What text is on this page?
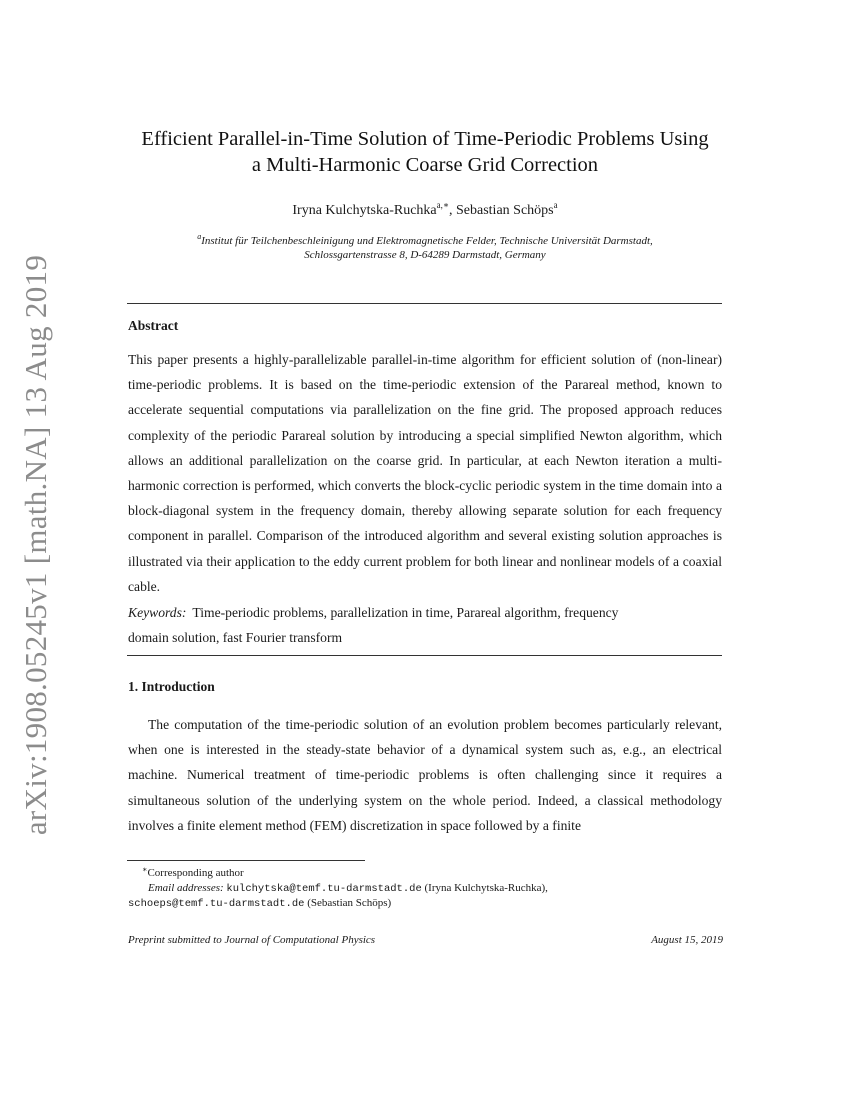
arXiv:1908.05245v1 [math.NA] 13 Aug 2019
Efficient Parallel-in-Time Solution of Time-Periodic Problems Using
a Multi-Harmonic Coarse Grid Correction
Iryna Kulchytska-Ruchka$^{a,∗}$, Sebastian Schöps$^a$
$^a$Institut für Teilchenbeschleinigung und Elektromagnetische Felder, Technische Universität Darmstadt,
Schlossgartenstrasse 8, D-64289 Darmstadt, Germany
Abstract

This paper presents a highly-parallelizable parallel-in-time algorithm for efficient solution of (non-linear) time-periodic problems. It is based on the time-periodic extension of the Parareal method, known to accelerate sequential computations via parallelization on the fine grid. The proposed approach reduces complexity of the periodic Parareal solution by introducing a special simplified Newton algorithm, which allows an additional parallelization on the coarse grid. In particular, at each Newton iteration a multi-harmonic correction is performed, which converts the block-cyclic periodic system in the time domain into a block-diagonal system in the frequency domain, thereby allowing separate solution for each frequency component in parallel. Comparison of the introduced algorithm and several existing solution approaches is illustrated via their application to the eddy current problem for both linear and nonlinear models of a coaxial cable.

Keywords: Time-periodic problems, parallelization in time, Parareal algorithm, frequency
domain solution, fast Fourier transform
1. Introduction

The computation of the time-periodic solution of an evolution problem becomes particularly relevant, when one is interested in the steady-state behavior of a dynamical system such as, e.g., an electrical machine. Numerical treatment of time-periodic problems is often challenging since it requires a simultaneous solution of the underlying system on the whole period. Indeed, a classical methodology involves a finite element method (FEM) discretization in space followed by a finite

∗Corresponding author
Email addresses: kulchytska@temf.tu-darmstadt.de (Iryna Kulchytska-Ruchka),
schoeps@temf.tu-darmstadt.de (Sebastian Schöps)
Preprint submitted to Journal of Computational Physics	August 15, 2019
